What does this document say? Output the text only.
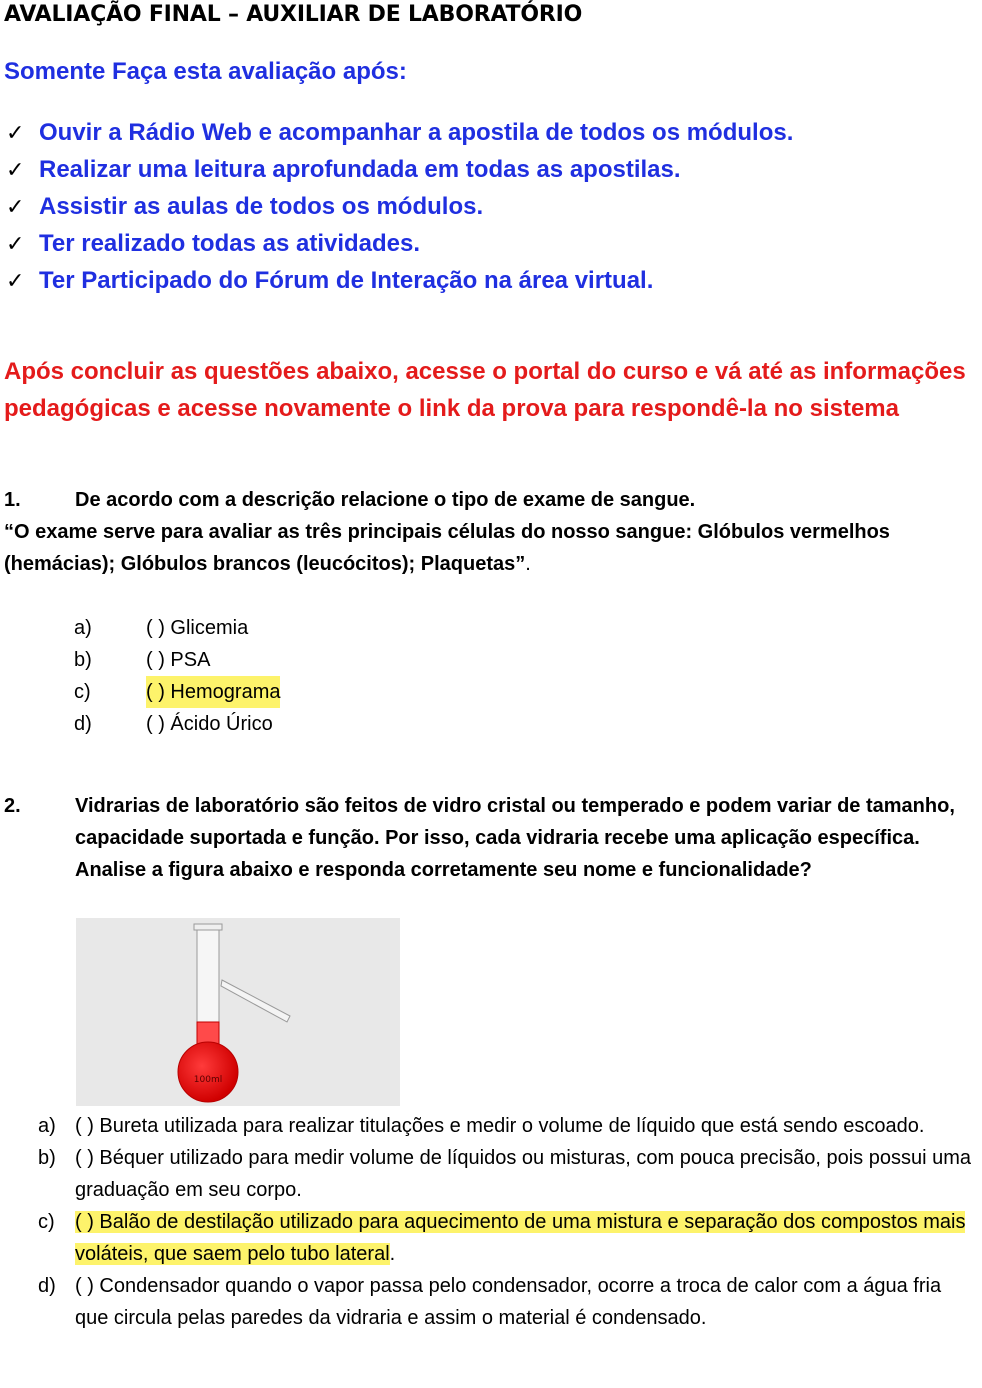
AVALIAÇÃO FINAL – AUXILIAR DE LABORATÓRIO
Somente Faça esta avaliação após:
✓ Ouvir a Rádio Web e acompanhar a apostila de todos os módulos.
✓ Realizar uma leitura aprofundada em todas as apostilas.
✓ Assistir as aulas de todos os módulos.
✓ Ter realizado todas as atividades.
✓ Ter Participado do Fórum de Interação na área virtual.
Após concluir as questões abaixo, acesse o portal do curso e vá até as informações pedagógicas e acesse novamente o link da prova para respondê-la no sistema
1.	De acordo com a descrição relacione o tipo de exame de sangue.
“O exame serve para avaliar as três principais células do nosso sangue: Glóbulos vermelhos (hemácias); Glóbulos brancos (leucócitos); Plaquetas”.
a)	( ) Glicemia
b)	( ) PSA
c)	( ) Hemograma
d)	( ) Ácido Úrico
2.	Vidrarias de laboratório são feitos de vidro cristal ou temperado e podem variar de tamanho, capacidade suportada e função. Por isso, cada vidraria recebe uma aplicação específica. Analise a figura abaixo e responda corretamente seu nome e funcionalidade?
100ml
a) ( ) Bureta utilizada para realizar titulações e medir o volume de líquido que está sendo escoado.
b) ( ) Béquer utilizado para medir volume de líquidos ou misturas, com pouca precisão, pois possui uma graduação em seu corpo.
c)	( ) Balão de destilação utilizado para aquecimento de uma mistura e separação dos compostos mais voláteis, que saem pelo tubo lateral.
d) ( ) Condensador quando o vapor passa pelo condensador, ocorre a troca de calor com a água fria que circula pelas paredes da vidraria e assim o material é condensado.
